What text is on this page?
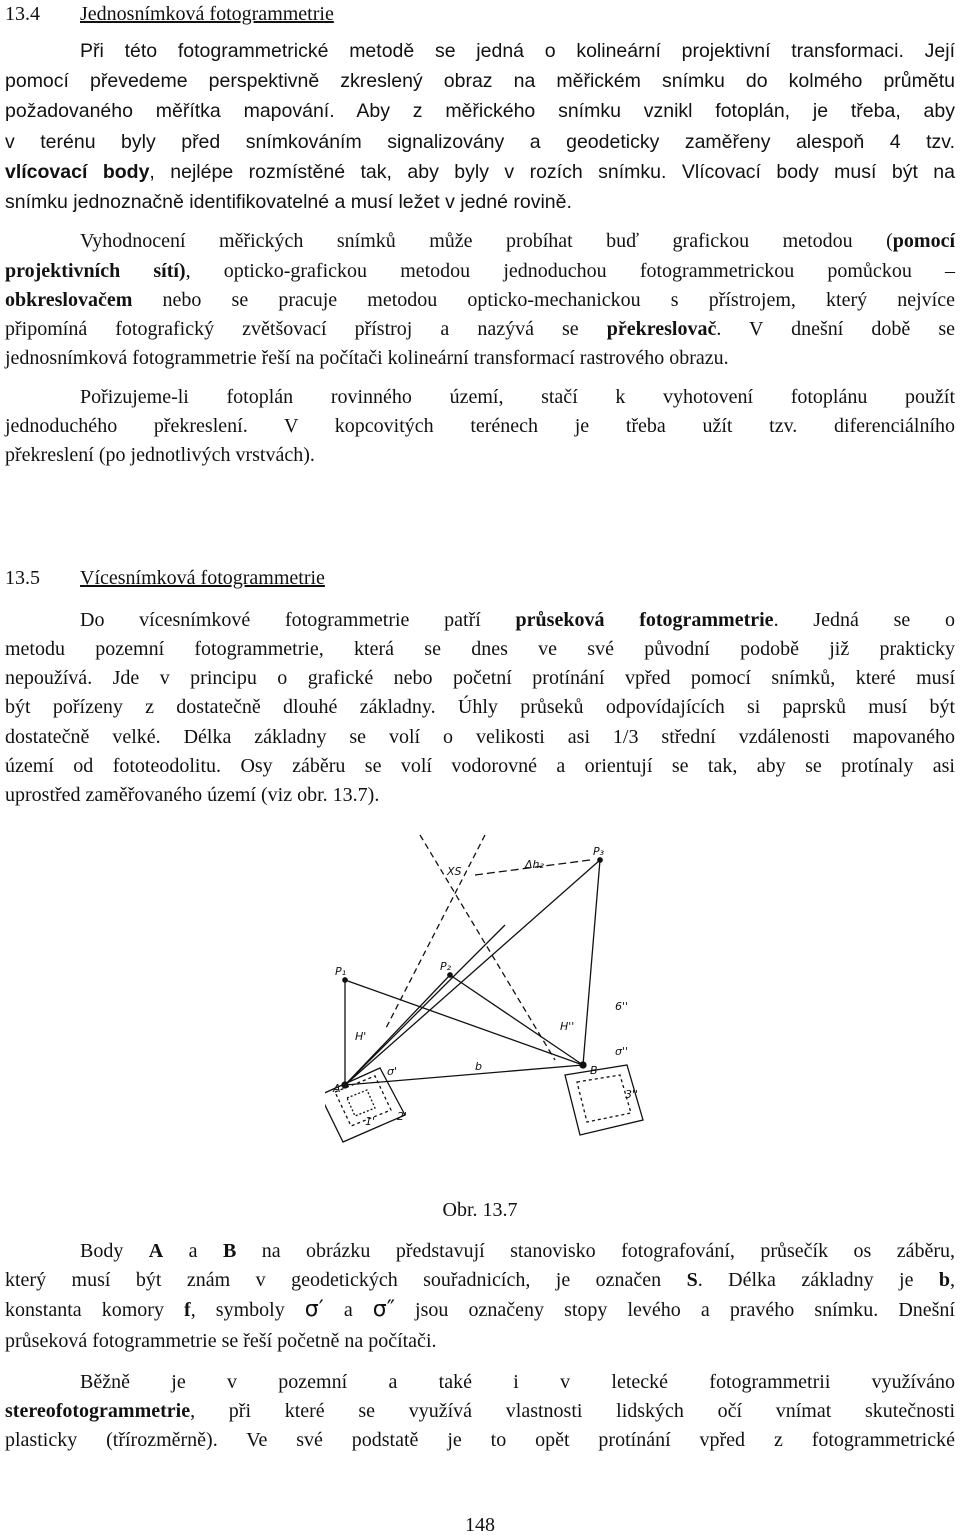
13.4 Jednosnímková fotogrammetrie
Při této fotogrammetrické metodě se jedná o kolineární projektivní transformaci. Její
pomocí převedeme perspektivně zkreslený obraz na měřickém snímku do kolmého průmětu
požadovaného měřítka mapování. Aby z měřického snímku vznikl fotoplán, je třeba, aby
v terénu byly před snímkováním signalizovány a geodeticky zaměřeny alespoň 4 tzv.
vlícovací body, nejlépe rozmístěné tak, aby byly v rozích snímku. Vlícovací body musí být na
snímku jednoznačně identifikovatelné a musí ležet v jedné rovině.
Vyhodnocení měřických snímků může probíhat buď grafickou metodou (pomocí
projektivních sítí), opticko-grafickou metodou jednoduchou fotogrammetrickou pomůckou –
obkreslovačem nebo se pracuje metodou opticko-mechanickou s přístrojem, který nejvíce
připomíná fotografický zvětšovací přístroj a nazývá se překreslovač. V dnešní době se
jednosnímková fotogrammetrie řeší na počítači kolineární transformací rastrového obrazu.
Pořizujeme-li fotoplán rovinného území, stačí k vyhotovení fotoplánu použít
jednoduchého překreslení. V kopcovitých terénech je třeba užít tzv. diferenciálního
překreslení (po jednotlivých vrstvách).
13.5 Vícesnímková fotogrammetrie
Do vícesnímkové fotogrammetrie patří průseková fotogrammetrie. Jedná se o
metodu pozemní fotogrammetrie, která se dnes ve své původní podobě již prakticky
nepoužívá. Jde v principu o grafické nebo početní protínání vpřed pomocí snímků, které musí
být pořízeny z dostatečně dlouhé základny. Úhly průseků odpovídajících si paprsků musí být
dostatečně velké. Délka základny se volí o velikosti asi 1/3 střední vzdálenosti mapovaného
území od fototeodolitu. Osy záběru se volí vodorovné a orientují se tak, aby se protínaly asi
uprostřed zaměřovaného území (viz obr. 13.7).
XS
Δh₂
P₁	P₂
P₃
H'
H''
A
B
b
σ'
σ''
6''
1' 2'
3''
Obr. 13.7
Body A a B na obrázku představují stanovisko fotografování, průsečík os záběru,
který musí být znám v geodetických souřadnicích, je označen S. Délka základny je b,
konstanta komory f, symboly σ′ a σ″ jsou označeny stopy levého a pravého snímku. Dnešní
průseková fotogrammetrie se řeší početně na počítači.
Běžně je v pozemní a také i v letecké fotogrammetrii využíváno
stereofotogrammetrie, při které se využívá vlastnosti lidských očí vnímat skutečnosti
plasticky (třírozměrně). Ve své podstatě je to opět protínání vpřed z fotogrammetrické
148
